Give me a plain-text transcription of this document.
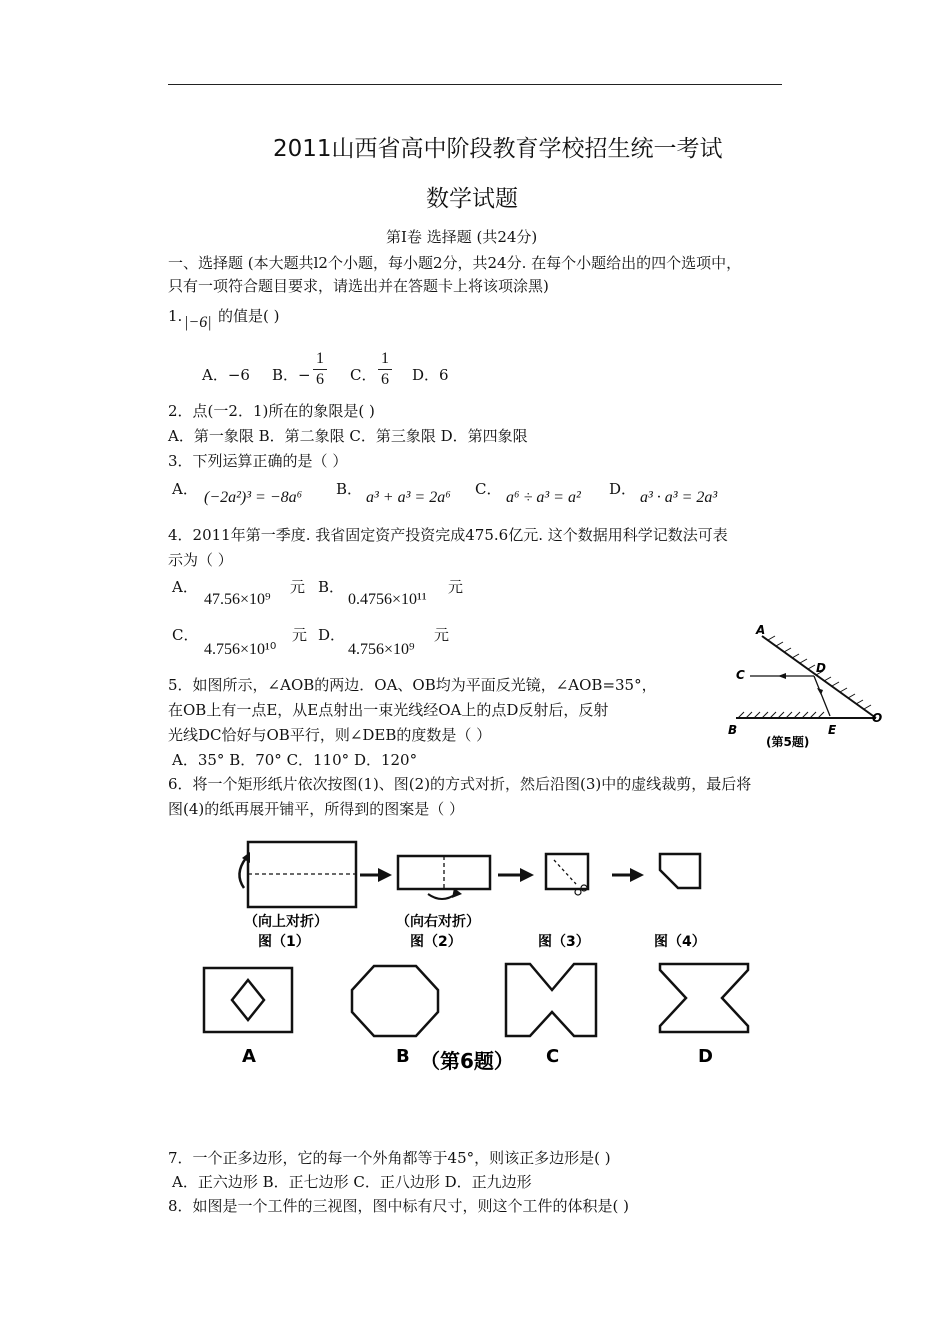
2011山西省高中阶段教育学校招生统一考试
数学试题
第Ⅰ卷 选择题 (共24分)
一、选择题 (本大题共l2个小题，每小题2分，共24分. 在每个小题给出的四个选项中，
只有一项符合题目要求，请选出并在答题卡上将该项涂黑)
1. |−6| 的值是( )
A．−6 B．−
1
6 C．
1
6 D．6
2．点(一2．1)所在的象限是( )
A．第一象限 B．第二象限 C．第三象限 D．第四象限
3．下列运算正确的是（ ）
A． (−2a²)³ = −8a⁶ B． a³ + a³ = 2a⁶ C． a⁶ ÷ a³ = a² D． a³ · a³ = 2a³
4．2011年第一季度. 我省固定资产投资完成475.6亿元. 这个数据用科学记数法可表
示为（ ）
A．
47.56×10⁹
元 B．
0.4756×10¹¹
元
C．
4.756×10¹⁰
元 D．
4.756×10⁹
元
5．如图所示，∠AOB的两边．OA、OB均为平面反光镜，∠AOB=35°，
在OB上有一点E，从E点射出一束光线经OA上的点D反射后，反射
光线DC恰好与OB平行，则∠DEB的度数是（ ）
A．35° B．70° C．110° D．120°
A
C	D
B	E
O
(第5题)
6．将一个矩形纸片依次按图(1)、图(2)的方式对折，然后沿图(3)中的虚线裁剪，最后将
图(4)的纸再展开铺平，所得到的图案是（ ）
（向上对折）
图（1）
（向右对折）
图（2）	图（3）	图（4）
A	B	C	D
（第6题）
7．一个正多边形，它的每一个外角都等于45°，则该正多边形是( )
A．正六边形 B．正七边形 C．正八边形 D．正九边形
8．如图是一个工件的三视图，图中标有尺寸，则这个工件的体积是( )
